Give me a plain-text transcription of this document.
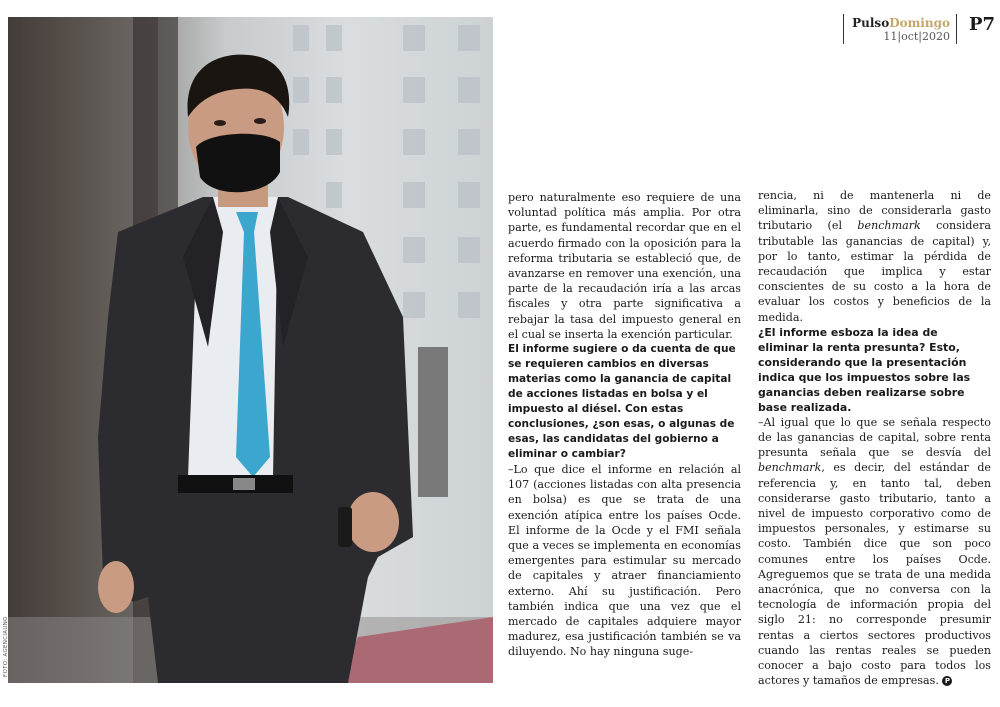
PulsoDomingo
11|oct|2020
P7
FOTO: AGENCIAUNO

pero naturalmente eso requiere de una voluntad política más amplia. Por otra parte, es fundamental recordar que en el acuerdo firmado con la oposición para la reforma tributaria se estableció que, de avanzarse en remover una exención, una parte de la recaudación iría a las arcas fiscales y otra parte significativa a rebajar la tasa del impuesto general en el cual se inserta la exención particular.

El informe sugiere o da cuenta de que se requieren cambios en diversas materias como la ganancia de capital de acciones listadas en bolsa y el impuesto al diésel. Con estas conclusiones, ¿son esas, o algunas de esas, las candidatas del gobierno a eliminar o cambiar?

–Lo que dice el informe en relación al 107 (acciones listadas con alta presencia en bolsa) es que se trata de una exención atípica entre los países Ocde. El informe de la Ocde y el FMI señala que a veces se implementa en economías emergentes para estimular su mercado de capitales y atraer financiamiento externo. Ahí su justificación. Pero también indica que una vez que el mercado de capitales adquiere mayor madurez, esa justificación también se va diluyendo. No hay ninguna suge-

rencia, ni de mantenerla ni de eliminarla, sino de considerarla gasto tributario (el benchmark considera tributable las ganancias de capital) y, por lo tanto, estimar la pérdida de recaudación que implica y estar conscientes de su costo a la hora de evaluar los costos y beneficios de la medida.

¿El informe esboza la idea de eliminar la renta presunta? Esto, considerando que la presentación indica que los impuestos sobre las ganancias deben realizarse sobre base realizada.

–Al igual que lo que se señala respecto de las ganancias de capital, sobre renta presunta señala que se desvía del benchmark, es decir, del estándar de referencia y, en tanto tal, deben considerarse gasto tributario, tanto a nivel de impuesto corporativo como de impuestos personales, y estimarse su costo. También dice que son poco comunes entre los países Ocde. Agreguemos que se trata de una medida anacrónica, que no conversa con la tecnología de información propia del siglo 21: no corresponde presumir rentas a ciertos sectores productivos cuando las rentas reales se pueden conocer a bajo costo para todos los actores y tamaños de empresas. P
